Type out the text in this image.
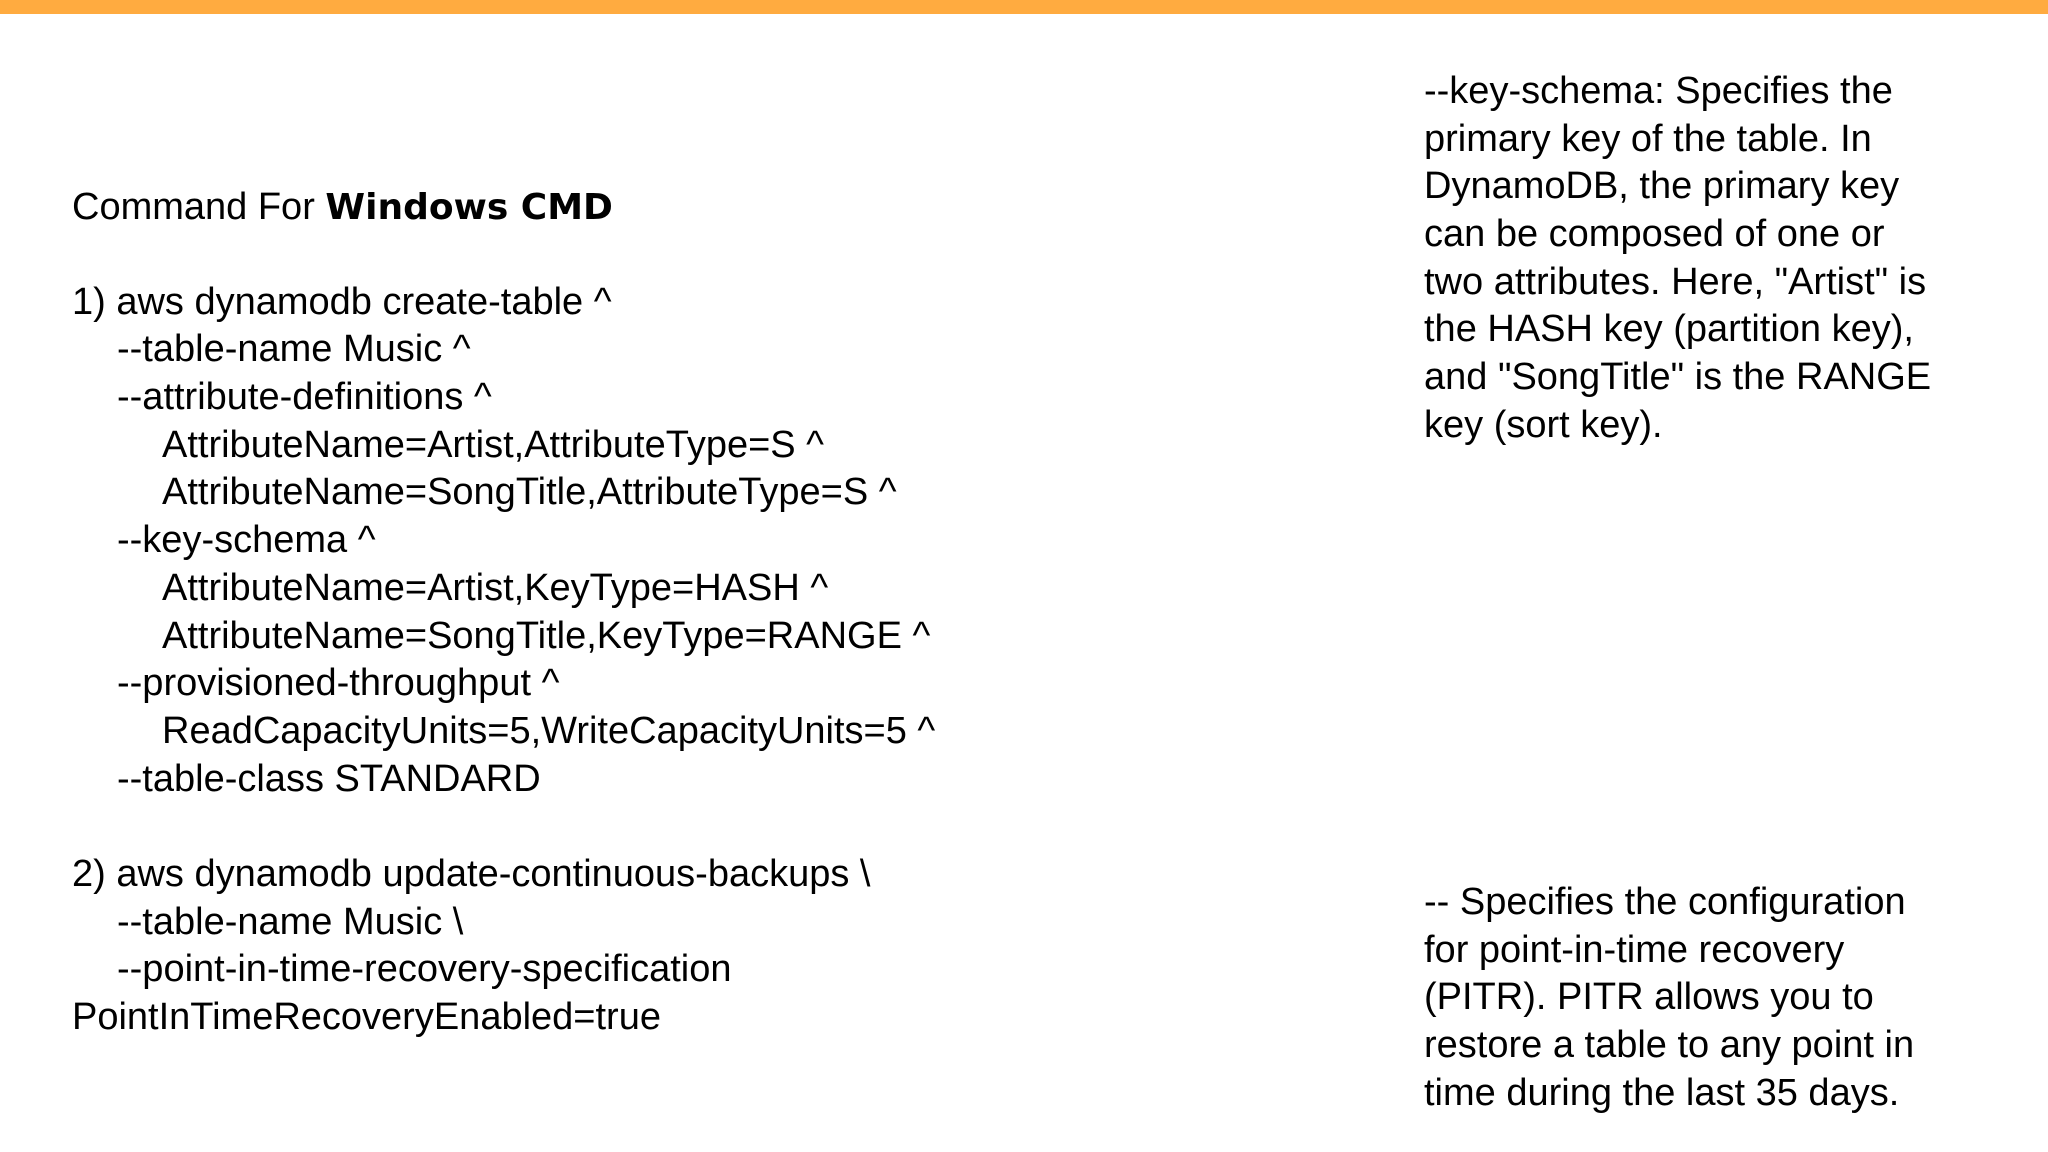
Command For Windows CMD
1) aws dynamodb create-table ^
--table-name Music ^
--attribute-definitions ^
AttributeName=Artist,AttributeType=S ^
AttributeName=SongTitle,AttributeType=S ^
--key-schema ^
AttributeName=Artist,KeyType=HASH ^
AttributeName=SongTitle,KeyType=RANGE ^
--provisioned-throughput ^
ReadCapacityUnits=5,WriteCapacityUnits=5 ^
--table-class STANDARD
2) aws dynamodb update-continuous-backups \
--table-name Music \
--point-in-time-recovery-specification
PointInTimeRecoveryEnabled=true
--key-schema: Specifies the
primary key of the table. In
DynamoDB, the primary key
can be composed of one or
two attributes. Here, "Artist" is
the HASH key (partition key),
and "SongTitle" is the RANGE
key (sort key).
-- Specifies the configuration
for point-in-time recovery
(PITR). PITR allows you to
restore a table to any point in
time during the last 35 days.
